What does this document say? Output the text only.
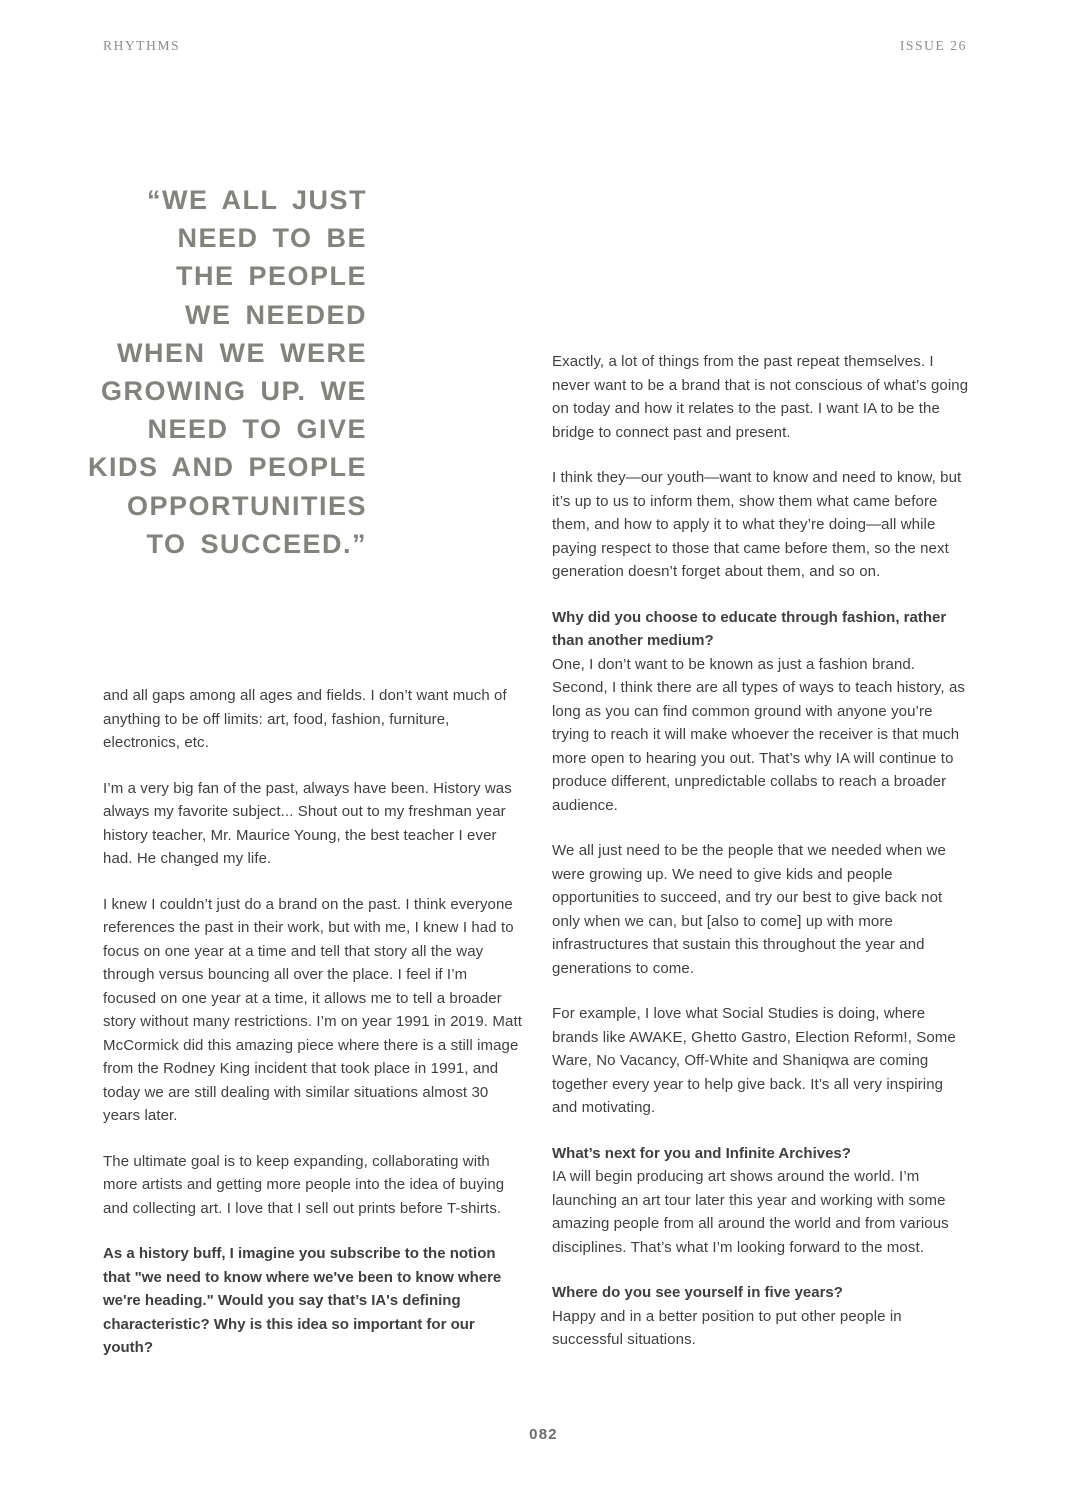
RHYTHMS	ISSUE 26
“WE ALL JUST
NEED TO BE
THE PEOPLE
WE NEEDED
WHEN WE WERE
GROWING UP. WE
NEED TO GIVE
KIDS AND PEOPLE
OPPORTUNITIES
TO SUCCEED.”

and all gaps among all ages and fields. I don’t want much of anything to be off limits: art, food, fashion, furniture, electronics, etc.

I’m a very big fan of the past, always have been. History was always my favorite subject... Shout out to my freshman year history teacher, Mr. Maurice Young, the best teacher I ever had. He changed my life.

I knew I couldn’t just do a brand on the past. I think everyone references the past in their work, but with me, I knew I had to focus on one year at a time and tell that story all the way through versus bouncing all over the place. I feel if I’m focused on one year at a time, it allows me to tell a broader story without many restrictions. I’m on year 1991 in 2019. Matt McCormick did this amazing piece where there is a still image from the Rodney King incident that took place in 1991, and today we are still dealing with similar situations almost 30 years later.

The ultimate goal is to keep expanding, collaborating with more artists and getting more people into the idea of buying and collecting art. I love that I sell out prints before T-shirts.

As a history buff, I imagine you subscribe to the notion that "we need to know where we've been to know where we're heading." Would you say that’s IA's defining characteristic? Why is this idea so important for our youth?

Exactly, a lot of things from the past repeat themselves. I never want to be a brand that is not conscious of what’s going on today and how it relates to the past. I want IA to be the bridge to connect past and present.

I think they—our youth—want to know and need to know, but it’s up to us to inform them, show them what came before them, and how to apply it to what they’re doing—all while paying respect to those that came before them, so the next generation doesn’t forget about them, and so on.

Why did you choose to educate through fashion, rather than another medium?

One, I don’t want to be known as just a fashion brand. Second, I think there are all types of ways to teach history, as long as you can find common ground with anyone you’re trying to reach it will make whoever the receiver is that much more open to hearing you out. That’s why IA will continue to produce different, unpredictable collabs to reach a broader audience.

We all just need to be the people that we needed when we were growing up. We need to give kids and people opportunities to succeed, and try our best to give back not only when we can, but [also to come] up with more infrastructures that sustain this throughout the year and generations to come.

For example, I love what Social Studies is doing, where brands like AWAKE, Ghetto Gastro, Election Reform!, Some Ware, No Vacancy, Off-White and Shaniqwa are coming together every year to help give back. It’s all very inspiring and motivating.

What’s next for you and Infinite Archives?

IA will begin producing art shows around the world. I’m launching an art tour later this year and working with some amazing people from all around the world and from various disciplines. That’s what I’m looking forward to the most.

Where do you see yourself in five years?

Happy and in a better position to put other people in successful situations.

082
